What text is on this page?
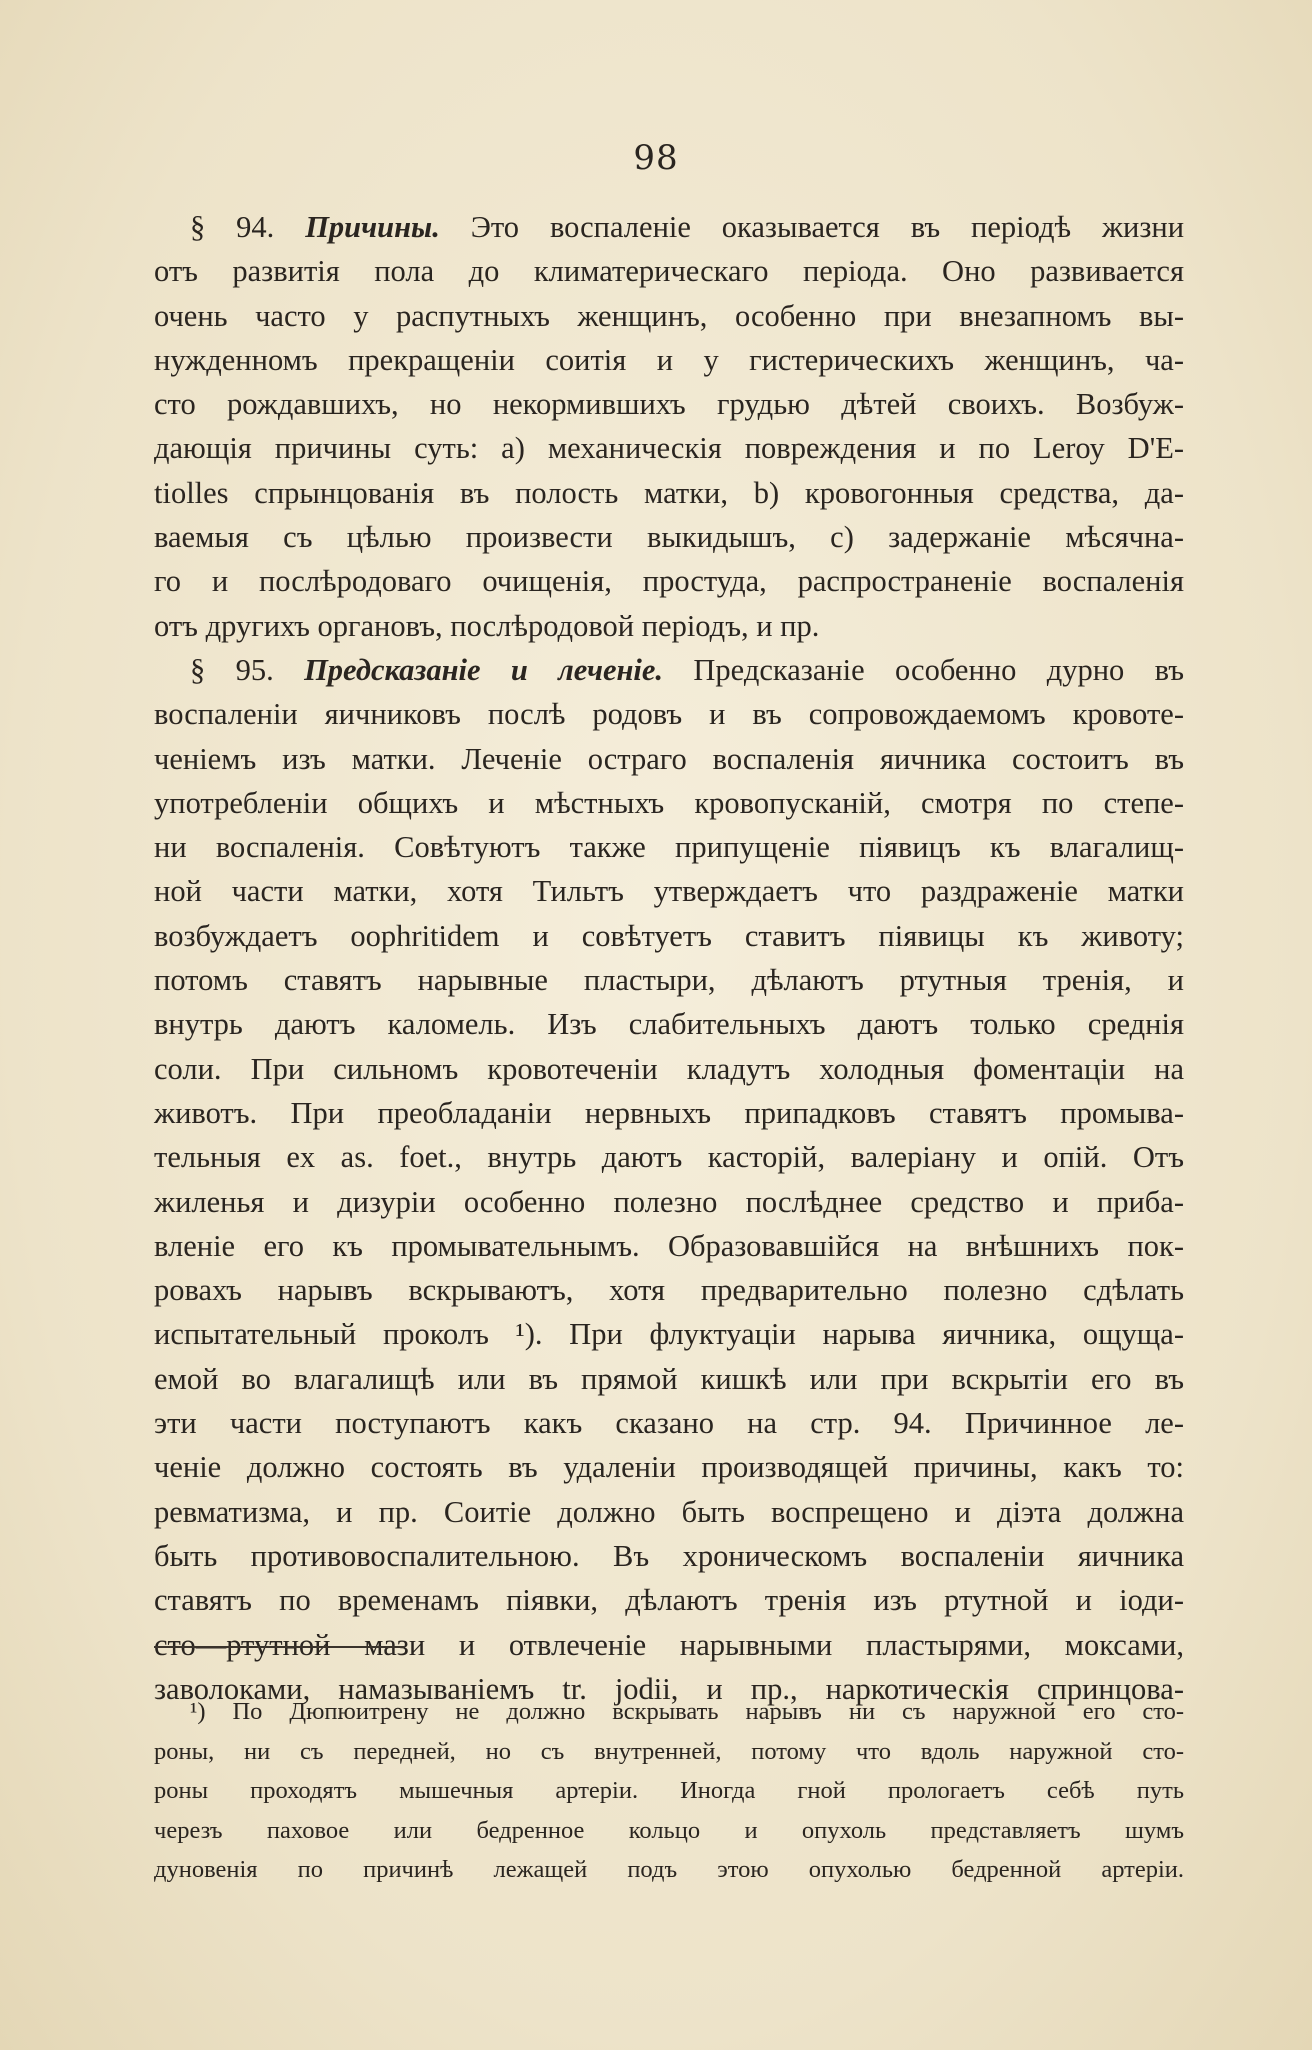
98
§ 94. Причины. Это воспаленіе оказывается въ періодѣ жизни
отъ развитія пола до климатерическаго періода. Оно развивается
очень часто у распутныхъ женщинъ, особенно при внезапномъ вы-
нужденномъ прекращеніи соитія и у гистерическихъ женщинъ, ча-
сто рождавшихъ, но некормившихъ грудью дѣтей своихъ. Возбуж-
дающія причины суть: а) механическія повреждения и по Lеrоу D'E-
tiolles спрынцованія въ полость матки, b) кровогонныя средства, да-
ваемыя съ цѣлью произвести выкидышъ, с) задержаніе мѣсячна-
го и послѣродоваго очищенія, простуда, распространеніе воспаленія
отъ другихъ органовъ, послѣродовой періодъ, и пр.
§ 95. Предсказаніе и леченіе. Предсказаніе особенно дурно въ
воспаленіи яичниковъ послѣ родовъ и въ сопровождаемомъ кровоте-
ченіемъ изъ матки. Леченіе остраго воспаленія яичника состоитъ въ
употребленіи общихъ и мѣстныхъ кровопусканій, смотря по степе-
ни воспаленія. Совѣтуютъ также припущеніе піявицъ къ влагалищ-
ной части матки, хотя Тильтъ утверждаетъ что раздраженіе матки
возбуждаетъ oophritidem и совѣтуетъ ставитъ піявицы къ животу;
потомъ ставятъ нарывные пластыри, дѣлаютъ ртутныя тренія, и
внутрь даютъ каломель. Изъ слабительныхъ даютъ только среднія
соли. При сильномъ кровотеченіи кладутъ холодныя фоментаціи на
животъ. При преобладаніи нервныхъ припадковъ ставятъ промыва-
тельныя ex as. foet., внутрь даютъ касторій, валеріану и опій. Отъ
жиленья и дизуріи особенно полезно послѣднее средство и приба-
вленіе его къ промывательнымъ. Образовавшійся на внѣшнихъ пок-
ровахъ нарывъ вскрываютъ, хотя предварительно полезно сдѣлать
испытательный проколъ ¹). При флуктуаціи нарыва яичника, ощуща-
емой во влагалищѣ или въ прямой кишкѣ или при вскрытіи его въ
эти части поступаютъ какъ сказано на стр. 94. Причинное ле-
ченіе должно состоять въ удаленіи производящей причины, какъ то:
ревматизма, и пр. Соитіе должно быть воспрещено и діэта должна
быть противовоспалительною. Въ хроническомъ воспаленіи яичника
ставятъ по временамъ піявки, дѣлаютъ тренія изъ ртутной и іоди-
сто—ртутной мази и отвлеченіе нарывными пластырями, моксами,
заволоками, намазываніемъ tr. jodii, и пр., наркотическія спринцова-
¹) По Дюпюитрену не должно вскрывать нарывъ ни съ наружной его сто-
роны, ни съ передней, но съ внутренней, потому что вдоль наружной сто-
роны проходятъ мышечныя артеріи. Иногда гной прологаетъ себѣ путь
черезъ паховое или бедренное кольцо и опухоль представляетъ шумъ
дуновенія по причинѣ лежащей подъ этою опухолью бедренной артеріи.
